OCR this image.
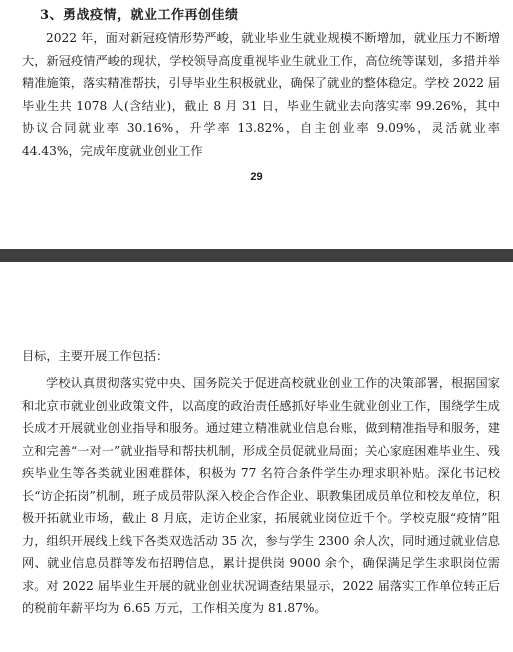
3、勇战疫情，就业工作再创佳绩

2022 年，面对新冠疫情形势严峻，就业毕业生就业规模不断增加，就业压力不断增大，新冠疫情严峻的现状，学校领导高度重视毕业生就业工作，高位统等谋划，多措并举精准施策，落实精准帮扶，引导毕业生积极就业，确保了就业的整体稳定。学校 2022 届毕业生共 1078 人(含结业)，截止 8 月 31 日，毕业生就业去向落实率 99.26%，其中协议合同就业率 30.16%，升学率 13.82%，自主创业率 9.09%，灵活就业率 44.43%，完成年度就业创业工作

29

目标，主要开展工作包括：

学校认真贯彻落实党中央、国务院关于促进高校就业创业工作的决策部署，根据国家和北京市就业创业政策文件，以高度的政治责任感抓好毕业生就业创业工作，围绕学生成长成才开展就业创业指导和服务。通过建立精准就业信息台账，做到精准指导和服务，建立和完善“一对一”就业指导和帮扶机制，形成全员促就业局面；关心家庭困难毕业生、残疾毕业生等各类就业困难群体，积极为 77 名符合条件学生办理求职补贴。深化书记校长“访企拓岗”机制，班子成员带队深入校企合作企业、职教集团成员单位和校友单位，积极开拓就业市场，截止 8 月底，走访企业家，拓展就业岗位近千个。学校克服“疫情”阻力，组织开展线上线下各类双选活动 35 次，参与学生 2300 余人次，同时通过就业信息网、就业信息员群等发布招聘信息，累计提供岗 9000 余个，确保满足学生求职岗位需求。对 2022 届毕业生开展的就业创业状况调查结果显示，2022 届落实工作单位转正后的税前年薪平均为 6.65 万元，工作相关度为 81.87%。
